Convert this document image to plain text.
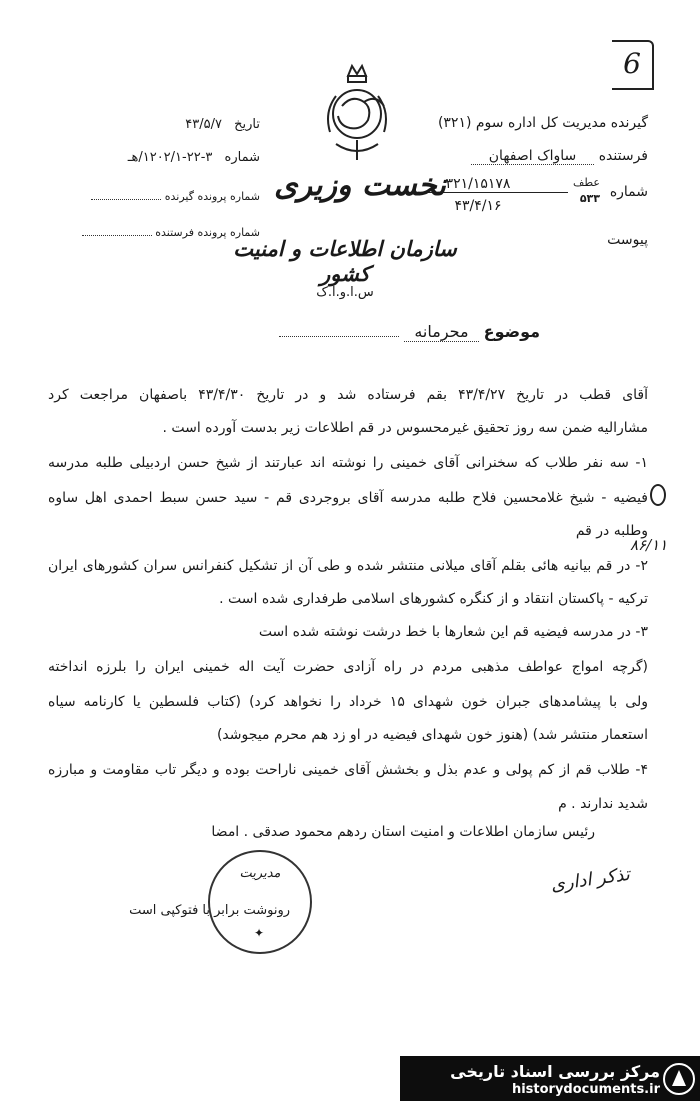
6
گیرنده مدیریت کل اداره سوم (۳۲۱)
فرستنده ساواک اصفهان
شماره
عطف
۵۳۳
۳۲۱/۱۵۱۷۸
۴۳/۴/۱۶
پیوست
تاریخ ۴۳/۵/۷
شماره ۳-۲۲-۱۲۰۲/۱/هـ
شماره پرونده گیرنده
شماره پرونده فرستنده
نخست وزیری
سازمان اطلاعات و امنیت کشور
س.ا.و.ا.ک
موضوع محرمانه
آقای قطب در تاریخ ۴۳/۴/۲۷ بقم فرستاده شد و در تاریخ ۴۳/۴/۳۰ باصفهان مراجعت کرد
مشارالیه ضمن سه روز تحقیق غیرمحسوس در قم اطلاعات زیر بدست آورده است .
۱- سه نفر طلاب که سخنرانی آقای خمینی را نوشته اند عبارتند از شیخ حسن اردبیلی طلبه مدرسه
فیضیه - شیخ غلامحسین فلاح طلبه مدرسه آقای بروجردی قم - سید حسن سبط احمدی اهل ساوه
وطلبه در قم
۲- در قم بیانیه هائی بقلم آقای میلانی منتشر شده و طی آن از تشکیل کنفرانس سران کشورهای ایران
ترکیه - پاکستان انتقاد و از کنگره کشورهای اسلامی طرفداری شده است .
۳- در مدرسه فیضیه قم این شعارها با خط درشت نوشته شده است
(گرچه امواج عواطف مذهبی مردم در راه آزادی حضرت آیت اله خمینی ایران را بلرزه انداخته
ولی با پیشامدهای جبران خون شهدای ۱۵ خرداد را نخواهد کرد) (کتاب فلسطین یا کارنامه سیاه
استعمار منتشر شد) (هنوز خون شهدای فیضیه در او زد هم محرم میجوشد)
۴- طلاب قم از کم پولی و عدم بذل و بخشش آقای خمینی ناراحت بوده و دیگر تاب مقاومت و مبارزه
شدید ندارند . م
رئیس سازمان اطلاعات و امنیت استان ردهم محمود صدقی . امضا
مدیریت
✦
رونوشت برابر با فتوکپی است
تذکر اداری
۸۶/۱۱
مرکز بررسی اسناد تاریخی
historydocuments.ir
